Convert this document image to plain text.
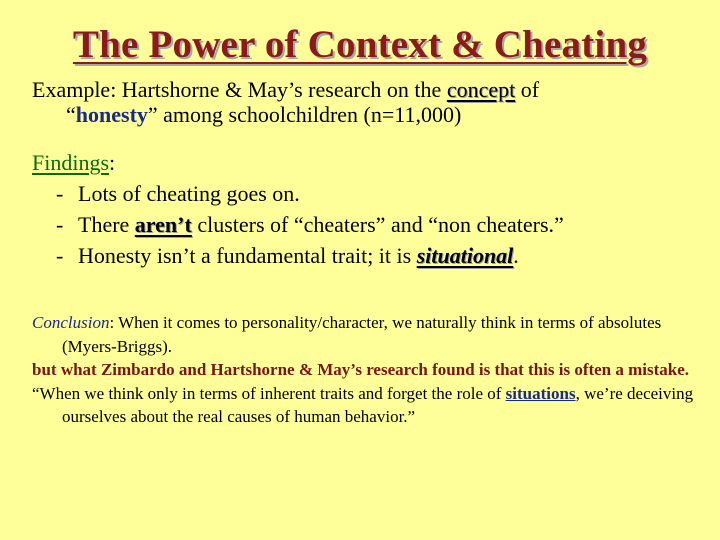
The Power of Context & Cheating
Example: Hartshorne & May’s research on the concept of
“honesty” among schoolchildren (n=11,000)
Findings:
- Lots of cheating goes on.
- There aren’t clusters of “cheaters” and “non cheaters.”
- Honesty isn’t a fundamental trait; it is situational.

Conclusion: When it comes to personality/character, we naturally think in terms of absolutes (Myers-Briggs).

but what Zimbardo and Hartshorne & May’s research found is that this is often a mistake.

“When we think only in terms of inherent traits and forget the role of situations, we’re deceiving ourselves about the real causes of human behavior.”
